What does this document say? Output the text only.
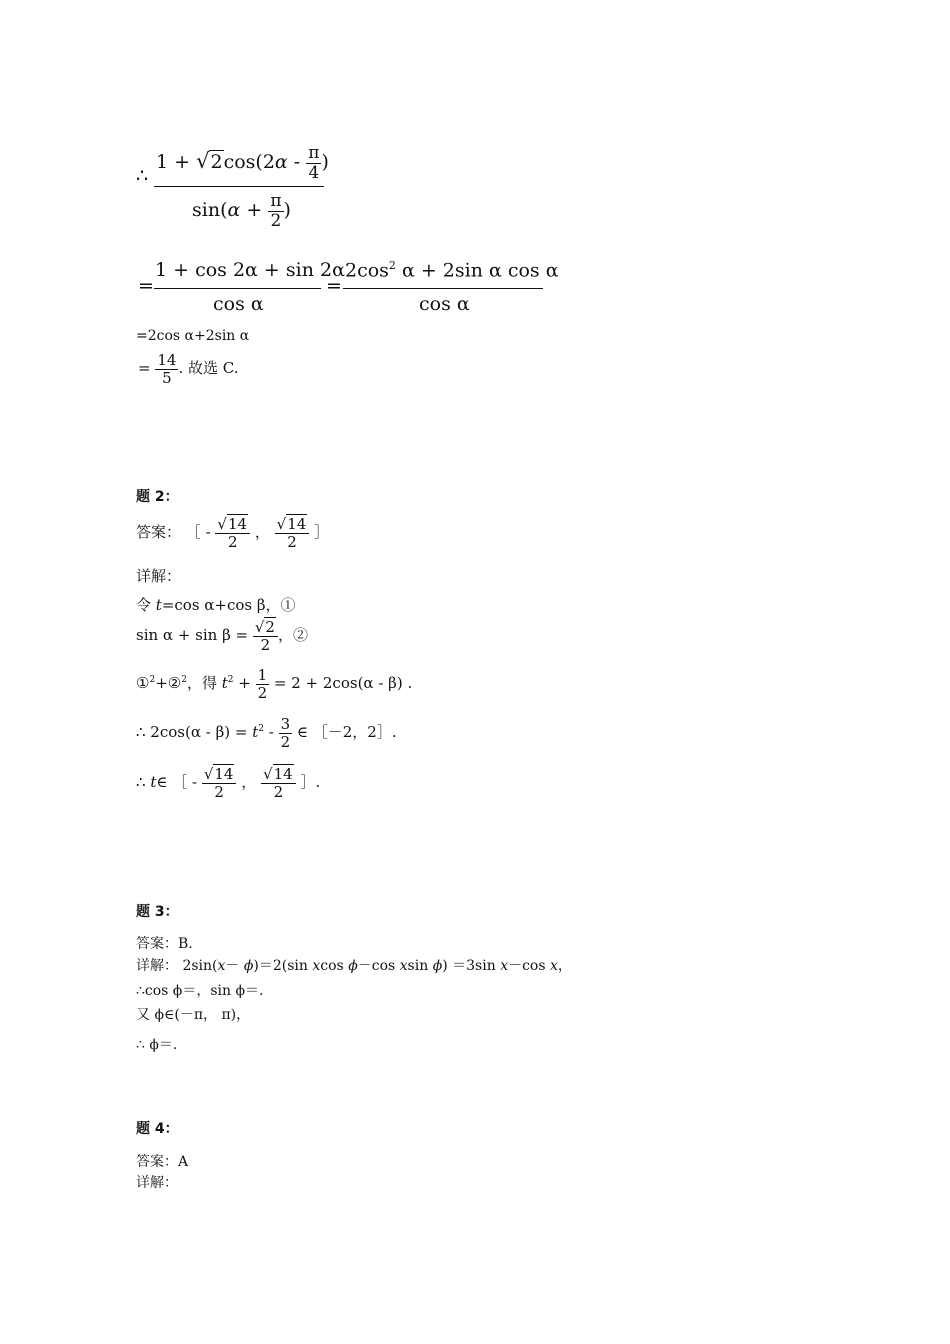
∴
$1 + √2\cos(2\alpha - \frac{\pi}{4}$ )
$\sin(\alpha + \frac{\pi}{2}$ )
=
1 + cos 2α + sin 2α
cos α
=
$2\cos^2$ α + 2sin α cos α
cos α
=2cos α+2sin α
= $\frac{14}{5}$ . 故选 C.
题 2：
答案： ［ - $\frac{√14}{2}$ ， $\frac{√14}{2}$ ］
详解：
令 t=cos α+cos β，①
$\sin \alpha + \sin \beta = \frac{√2}{2}$ ，②
①$^2$+②$^2$，得 $t^2 + \frac{1}{2} = 2 + 2\cos(\alpha - \beta)$ .
∴ $2\cos(\alpha - \beta) = t^2 - \frac{3}{2}$ ∈ ［－2，2］.
∴ t∈ ［ - $\frac{√14}{2}$ ， $\frac{√14}{2}$ ］.
题 3：
答案：B.
详解： 2sin(x－ ϕ)＝2(sin xcos ϕ－cos xsin ϕ) ＝3sin x－cos x，
∴cos ϕ＝，sin ϕ＝.
又 ϕ∈(－π， π)，
∴ ϕ＝.
题 4：
答案：A
详解：
